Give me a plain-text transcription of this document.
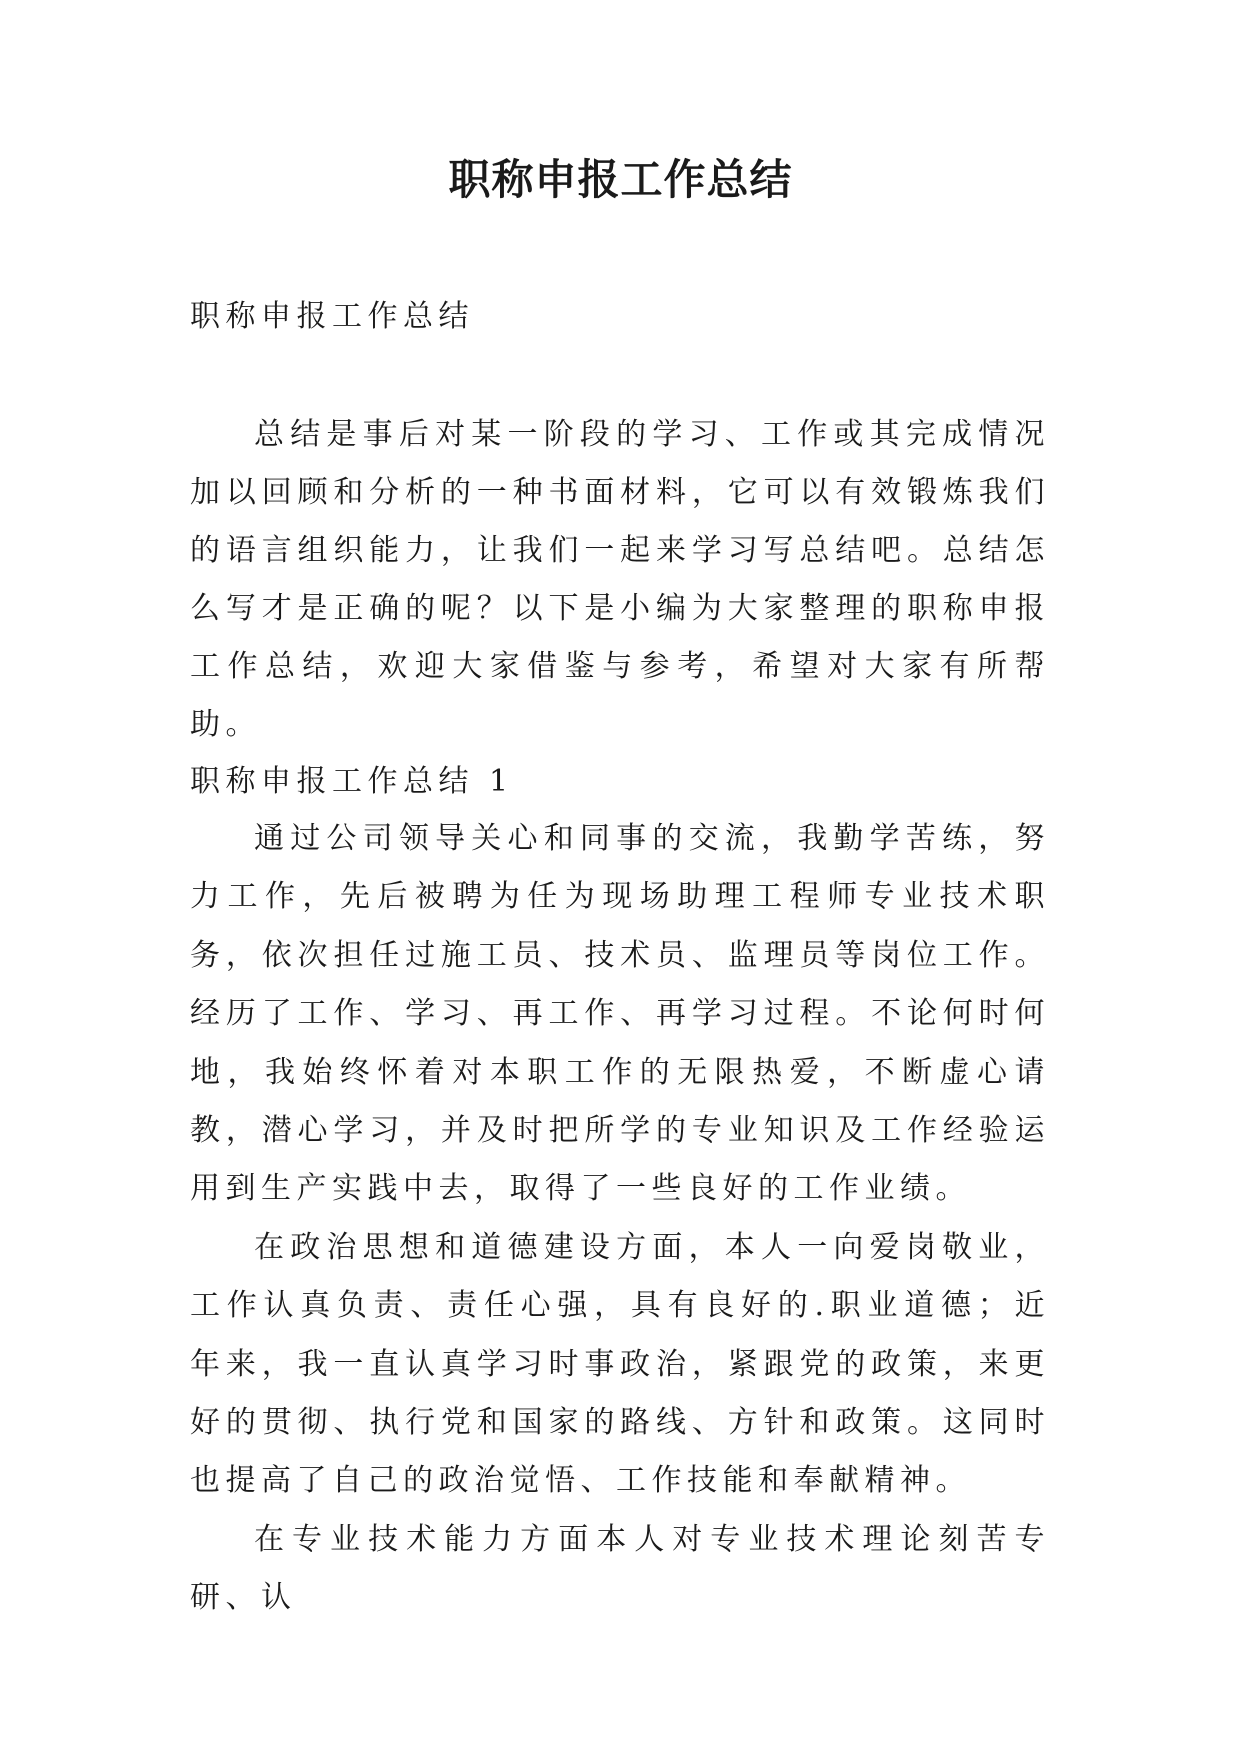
职称申报工作总结

职称申报工作总结

总结是事后对某一阶段的学习、工作或其完成情况加以回顾和分析的一种书面材料，它可以有效锻炼我们的语言组织能力，让我们一起来学习写总结吧。总结怎么写才是正确的呢？以下是小编为大家整理的职称申报工作总结，欢迎大家借鉴与参考，希望对大家有所帮助。

职称申报工作总结 1

通过公司领导关心和同事的交流，我勤学苦练，努力工作，先后被聘为任为现场助理工程师专业技术职务，依次担任过施工员、技术员、监理员等岗位工作。经历了工作、学习、再工作、再学习过程。不论何时何地，我始终怀着对本职工作的无限热爱，不断虚心请教，潜心学习，并及时把所学的专业知识及工作经验运用到生产实践中去，取得了一些良好的工作业绩。

在政治思想和道德建设方面，本人一向爱岗敬业，工作认真负责、责任心强，具有良好的.职业道德；近年来，我一直认真学习时事政治，紧跟党的政策，来更好的贯彻、执行党和国家的路线、方针和政策。这同时也提高了自己的政治觉悟、工作技能和奉献精神。

在专业技术能力方面本人对专业技术理论刻苦专研、认
